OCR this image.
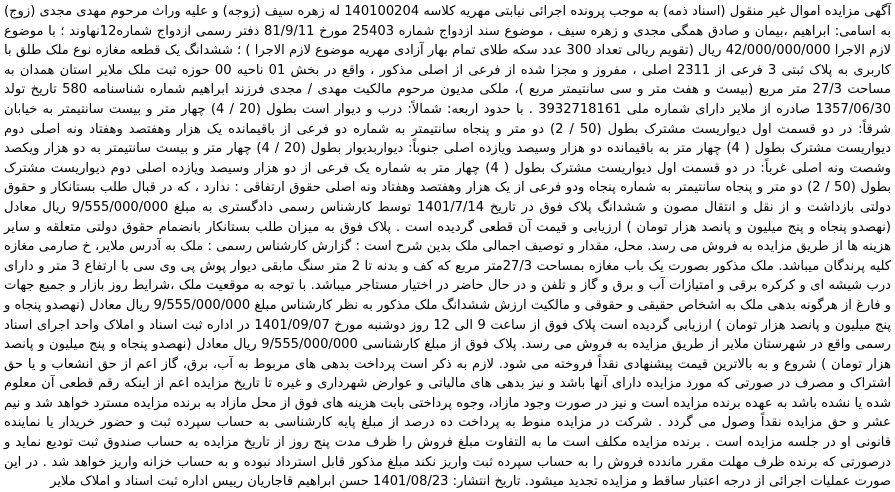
آگهی مزایده اموال غیر منقول (اسناد ذمه) به موجب پرونده اجرائی نیابتی مهریه کلاسه 140100204 له زهره سیف (زوجه) و علیه وراث مرحوم مهدی مجدی (زوج) به اسامی: ابراهیم ،بیمان و صادق همگی مجدی و زهره سیف ، موضوع سند ازدواج شماره 25403 مورخ 81/9/11 دفتر رسمی ازدواج شماره12نهاوند ؛ با موضوع لازم الاجرا 42/000/000/000 ریال (تقویم ریالی تعداد 300 عدد سکه طلای تمام بهار آزادی مهریه موضوع لازم الاجرا ) ؛ ششدانگ یک قطعه مغازه نوع ملک طلق با کاربری به پلاک ثبتی 3 فرعی از 2311 اصلی ، مفروز و مجزا شده از فرعی از اصلی مذکور ، واقع در بخش 01 ناحیه 00 حوزه ثبت ملک ملایر استان همدان به مساحت 27/3 متر مربع (بیست و هفت متر و سی سانتیمتر مربع )، ملکی مدیون مرحوم مالکیت مهدی / مجدی فرزند ابراهیم شماره شناسنامه 580 تاریخ تولد 1357/06/30 صادره از ملایر دارای شماره ملی 3932718161 . با حدود اربعه: شمالاً: درب و دیوار است بطول (20 / 4) چهار متر و بیست سانتیمتر به خیابان شرقاً: در دو قسمت اول دیواریست مشترک بطول (50 / 2) دو متر و پنجاه سانتیمتر به شماره دو فرعی از باقیمانده یک هزار وهفتصد وهفتاد ونه اصلی دوم دیواریست مشترک بطول ( 4) چهار متر به باقیمانده دو هزار وسیصد ویازده اصلی جنوباً: دیواربدیوار بطول (20 / 4) چهار متر و بیست سانتیمتر به دو هزار ویکصد وشصت ونه اصلی غرباً: در دو قسمت اول دیواریست مشترک بطول ( 4) چهار متر به شماره یک فرعی از دو هزار وسیصد ویازده اصلی دوم دیواریست مشترک بطول (50 / 2) دو متر و پنجاه سانتیمتر به شماره پنجاه ودو فرعی از یک هزار وهفتصد وهفتاد ونه اصلی حقوق ارتفاقی : ندارد ، که در قبال طلب بستانکار و حقوق دولتی بازداشت و از نقل و انتقال مصون و ششدانگ پلاک فوق در تاریخ 1401/7/14 توسط کارشناس رسمی دادگستری به مبلغ 9/555/000/000 ریال معادل (نهصدو پنجاه و پنج میلیون و پانصد هزار تومان ) ارزیابی و قیمت آن قطعی گردیده است . پلاک فوق به میزان طلب بستانکار بانضمام حقوق دولتی متعلقه و سایر هزینه ها از طریق مزایده به فروش می رسد. محل، مقدار و توصیف اجمالی ملک بدین شرح است : گزارش کارشناس رسمی : ملک به آدرس ملایر، خ صارمی مغازه کلیه پرندگان میباشد. ملک مذکور بصورت یک باب مغازه بمساحت 27/3متر مربع که کف و بدنه تا 2 متر سنگ مابقی دیوار پوش پی وی سی با ارتفاع 3 متر و دارای درب شیشه ای و کرکره برقی و امتیازات آب و برق و گاز و تلفن و در حال حاضر در اختیار مستاجر میباشد. با توجه به موقعیت ملک ،شرایط روز بازار و جمیع جهات و فارغ از هرگونه بدهی ملک به اشخاص حقیقی و حقوقی و مالکیت ارزش ششدانگ ملک مذکور به نظر کارشناس مبلغ 9/555/000/000 ریال معادل (نهصدو پنجاه و پنج میلیون و پانصد هزار تومان ) ارزیابی گردیده است پلاک فوق از ساعت 9 الی 12 روز دوشنبه مورخ 1401/09/07 در اداره ثبت اسناد و املاک واحد اجرای اسناد رسمی واقع در شهرستان ملایر از طریق مزایده به فروش می رسد. پلاک فوق از مبلغ کارشناسی 9/555/000/000 ریال معادل (نهصدو پنجاه و پنج میلیون و پانصد هزار تومان ) شروع و به بالاترین قیمت پیشنهادی نقداً فروخته می شود. لازم به ذکر است پرداخت بدهی های مربوط به آب، برق، گاز اعم از حق انشعاب و یا حق اشتراک و مصرف در صورتی که مورد مزایده دارای آنها باشد و نیز بدهی های مالیاتی و عوارض شهرداری و غیره تا تاریخ مزایده اعم از اینکه رقم قطعی آن معلوم شده یا نشده باشد به عهده برنده مزایده است و نیز در صورت وجود مازاد، وجوه پرداختی بابت هزینه های فوق از محل مازاد به برنده مزایده مسترد خواهد شد و نیم عشر و حق مزایده نقداً وصول می گردد . شرکت در مزایده منوط به پرداخت ده درصد از مبلغ پایه کارشناسی به حساب سپرده ثبت و حضور خریدار یا نماینده قانونی او در جلسه مزایده است . برنده مزایده مکلف است ما به التفاوت مبلغ فروش را ظرف مدت پنج روز از تاریخ مزایده به حساب صندوق ثبت تودیع نماید و درصورتی که برنده ظرف مهلت مقرر ماندده فروش را به حساب سپرده ثبت واریز نکند مبلغ مذکور قابل استرداد نبوده و به حساب خزانه واریز خواهد شد . در این صورت عملیات اجرائی از درجه اعتبار ساقط و مزایده تجدید میشود. تاریخ انتشار: 1401/08/23 حسن ابراهیم قاجاریان رییس اداره ثبت اسناد و املاک ملایر
